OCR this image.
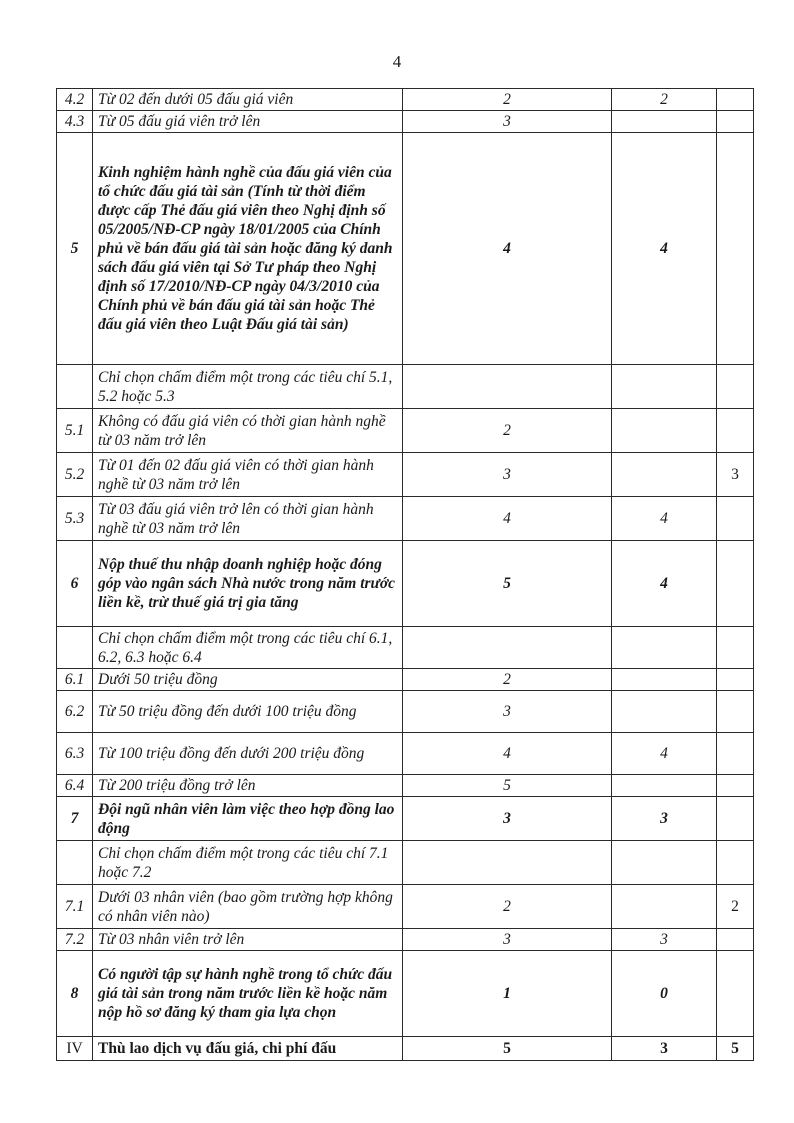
4
4.2	Từ 02 đến dưới 05 đấu giá viên	2	2	
4.3	Từ 05 đấu giá viên trở lên	3		
5	Kinh nghiệm hành nghề của đấu giá viên của tổ chức đấu giá tài sản (Tính từ thời điểm được cấp Thẻ đấu giá viên theo Nghị định số 05/2005/NĐ-CP ngày 18/01/2005 của Chính phủ về bán đấu giá tài sản hoặc đăng ký danh sách đấu giá viên tại Sở Tư pháp theo Nghị định số 17/2010/NĐ-CP ngày 04/3/2010 của Chính phủ về bán đấu giá tài sản hoặc Thẻ đấu giá viên theo Luật Đấu giá tài sản)	4	4	
	Chỉ chọn chấm điểm một trong các tiêu chí 5.1, 5.2 hoặc 5.3			
5.1	Không có đấu giá viên có thời gian hành nghề từ 03 năm trở lên	2		
5.2	Từ 01 đến 02 đấu giá viên có thời gian hành nghề từ 03 năm trở lên	3		3
5.3	Từ 03 đấu giá viên trở lên có thời gian hành nghề từ 03 năm trở lên	4	4	
6	Nộp thuế thu nhập doanh nghiệp hoặc đóng góp vào ngân sách Nhà nước trong năm trước liền kề, trừ thuế giá trị gia tăng	5	4	
	Chỉ chọn chấm điểm một trong các tiêu chí 6.1, 6.2, 6.3 hoặc 6.4			
6.1	Dưới 50 triệu đồng	2		
6.2	Từ 50 triệu đồng đến dưới 100 triệu đồng	3		
6.3	Từ 100 triệu đồng đến dưới 200 triệu đồng	4	4	
6.4	Từ 200 triệu đồng trở lên	5		
7	Đội ngũ nhân viên làm việc theo hợp đồng lao động	3	3	
	Chỉ chọn chấm điểm một trong các tiêu chí 7.1 hoặc 7.2			
7.1	Dưới 03 nhân viên (bao gồm trường hợp không có nhân viên nào)	2		2
7.2	Từ 03 nhân viên trở lên	3	3	
8	Có người tập sự hành nghề trong tổ chức đấu giá tài sản trong năm trước liền kề hoặc năm nộp hồ sơ đăng ký tham gia lựa chọn	1	0	
IV	Thù lao dịch vụ đấu giá, chi phí đấu	5	3	5
